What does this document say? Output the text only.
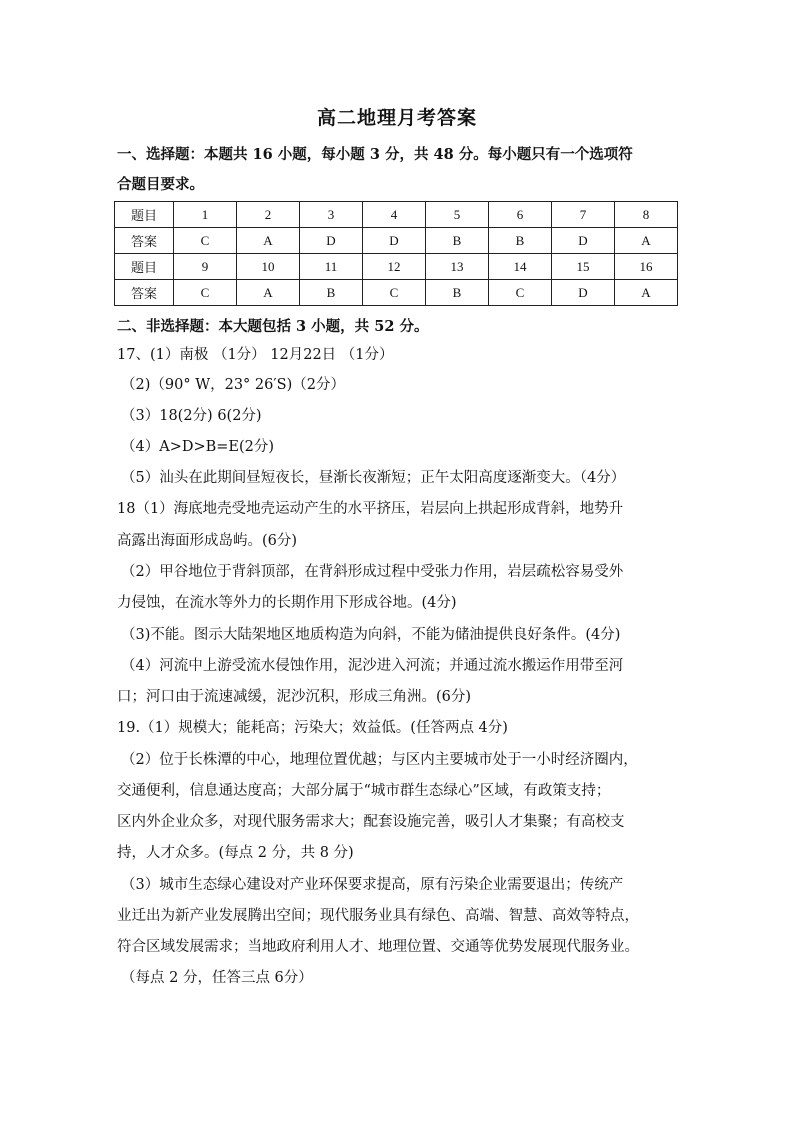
高二地理月考答案
一、选择题：本题共 16 小题，每小题 3 分，共 48 分。每小题只有一个选项符
合题目要求。
题目	1	2	3	4	5	6	7	8
答案	C	A	D	D	B	B	D	A
题目	9	10	11	12	13	14	15	16
答案	C	A	B	C	B	C	D	A
二、非选择题：本大题包括 3 小题，共 52 分。
17、(1）南极 （1分） 12月22日 （1分）
（2)（90° W，23° 26′S)（2分）
（3）18(2分) 6(2分)
（4）A>D>B=E(2分)
（5）汕头在此期间昼短夜长，昼渐长夜渐短；正午太阳高度逐渐变大。（4分）
18（1）海底地壳受地壳运动产生的水平挤压，岩层向上拱起形成背斜，地势升
高露出海面形成岛屿。(6分)
（2）甲谷地位于背斜顶部，在背斜形成过程中受张力作用，岩层疏松容易受外
力侵蚀，在流水等外力的长期作用下形成谷地。(4分)
（3)不能。图示大陆架地区地质构造为向斜，不能为储油提供良好条件。(4分)
（4）河流中上游受流水侵蚀作用，泥沙进入河流；并通过流水搬运作用带至河
口；河口由于流速减缓，泥沙沉积，形成三角洲。(6分)
19.（1）规模大；能耗高；污染大；效益低。(任答两点 4分)
（2）位于长株潭的中心，地理位置优越；与区内主要城市处于一小时经济圈内，
交通便利，信息通达度高；大部分属于“城市群生态绿心”区域，有政策支持；
区内外企业众多，对现代服务需求大；配套设施完善，吸引人才集聚；有高校支
持，人才众多。(每点 2 分，共 8 分)
（3）城市生态绿心建设对产业环保要求提高，原有污染企业需要退出；传统产
业迁出为新产业发展腾出空间；现代服务业具有绿色、高端、智慧、高效等特点，
符合区域发展需求；当地政府利用人才、地理位置、交通等优势发展现代服务业。
（每点 2 分，任答三点 6分）
